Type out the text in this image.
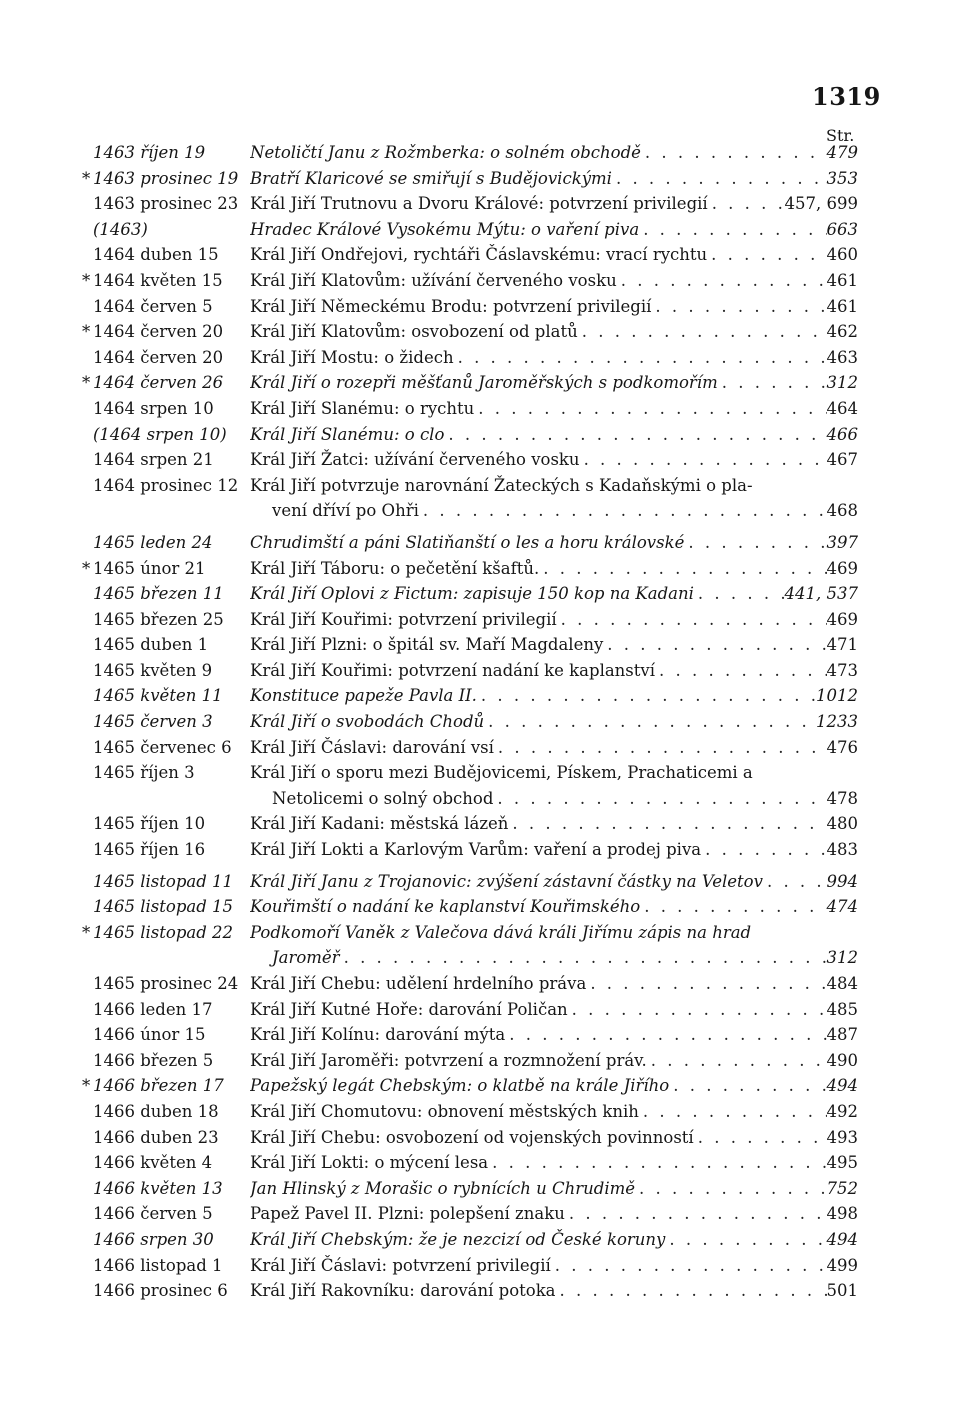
1319
Str.
1463 říjen 19	Netoličtí Janu z Rožmberka: o solném obchodě . . .	479
* 1463 prosinec 19 Bratří Klaricové se smiřují s Budějovickými . . .	353
1463 prosinec 23 Král Jiří Trutnovu a Dvoru Králové: potvrzení privilegií . . .	457, 699
(1463)	Hradec Králové Vysokému Mýtu: o vaření piva . . .	663
1464 duben 15	Král Jiří Ondřejovi, rychtáři Čáslavskému: vrací rychtu . . .	460
* 1464 květen 15	Král Jiří Klatovům: užívání červeného vosku . . .	461
1464 červen 5	Král Jiří Německému Brodu: potvrzení privilegií . . .	461
* 1464 červen 20	Král Jiří Klatovům: osvobození od platů . . .	462
1464 červen 20	Král Jiří Mostu: o židech . . .	463
* 1464 červen 26	Král Jiří o rozepři měšťanů Jaroměřských s podkomořím . . .	312
1464 srpen 10	Král Jiří Slanému: o rychtu . . .	464
(1464 srpen 10)	Král Jiří Slanému: o clo . . .	466
1464 srpen 21	Král Jiří Žatci: užívání červeného vosku . . .	467
1464 prosinec 12 Král Jiří potvrzuje narovnání Žateckých s Kadaňskými o pla-
vení dříví po Ohři . . .	468
1465 leden 24	Chrudimští a páni Slatiňanští o les a horu královské . . .	397
* 1465 únor 21	Král Jiří Táboru: o pečetění kšaftů. . . .	469
1465 březen 11	Král Jiří Oplovi z Fictum: zapisuje 150 kop na Kadani . . .	441, 537
1465 březen 25	Král Jiří Kouřimi: potvrzení privilegií . . .	469
1465 duben 1	Král Jiří Plzni: o špitál sv. Maří Magdaleny . . .	471
1465 květen 9	Král Jiří Kouřimi: potvrzení nadání ke kaplanství . . .	473
1465 květen 11	Konstituce papeže Pavla II. . . .	1012
1465 červen 3	Král Jiří o svobodách Chodů . . .	1233
1465 červenec 6	Král Jiří Čáslavi: darování vsí . . .	476
1465 říjen 3	Král Jiří o sporu mezi Budějovicemi, Pískem, Prachaticemi a
Netolicemi o solný obchod . . .	478
1465 říjen 10	Král Jiří Kadani: městská lázeň . . .	480
1465 říjen 16	Král Jiří Lokti a Karlovým Varům: vaření a prodej piva . . .	483
1465 listopad 11	Král Jiří Janu z Trojanovic: zvýšení zástavní částky na Veletov . . .	994
1465 listopad 15	Kouřimští o nadání ke kaplanství Kouřimského . . .	474
* 1465 listopad 22	Podkomoří Vaněk z Valečova dává králi Jiřímu zápis na hrad
Jaroměř . . .	312
1465 prosinec 24 Král Jiří Chebu: udělení hrdelního práva . . .	484
1466 leden 17	Král Jiří Kutné Hoře: darování Poličan . . .	485
1466 únor 15	Král Jiří Kolínu: darování mýta . . .	487
1466 březen 5	Král Jiří Jaroměři: potvrzení a rozmnožení práv. . . .	490
* 1466 březen 17	Papežský legát Chebským: o klatbě na krále Jiřího . . .	494
1466 duben 18	Král Jiří Chomutovu: obnovení městských knih . . .	492
1466 duben 23	Král Jiří Chebu: osvobození od vojenských povinností . . .	493
1466 květen 4	Král Jiří Lokti: o mýcení lesa . . .	495
1466 květen 13	Jan Hlinský z Morašic o rybnících u Chrudimě . . .	752
1466 červen 5	Papež Pavel II. Plzni: polepšení znaku . . .	498
1466 srpen 30	Král Jiří Chebským: že je nezcizí od České koruny . . .	494
1466 listopad 1	Král Jiří Čáslavi: potvrzení privilegií . . .	499
1466 prosinec 6	Král Jiří Rakovníku: darování potoka . . .	501
